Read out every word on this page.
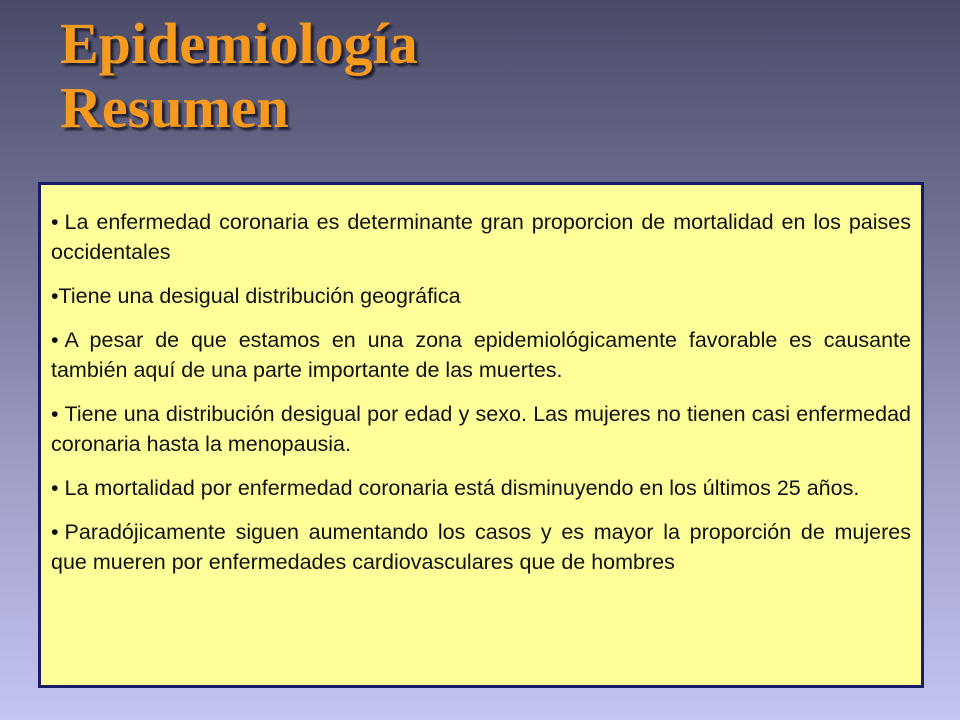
Epidemiología
Resumen
• La enfermedad coronaria es determinante gran proporcion de mortalidad en los paises occidentales
•Tiene una desigual distribución geográfica
• A pesar de que estamos en una zona epidemiológicamente favorable es causante también aquí de una parte importante de las muertes.
• Tiene una distribución desigual por edad y sexo. Las mujeres no tienen casi enfermedad coronaria hasta la menopausia.
• La mortalidad por enfermedad coronaria está disminuyendo en los últimos 25 años.
• Paradójicamente siguen aumentando los casos y es mayor la proporción de mujeres que mueren por enfermedades cardiovasculares que de hombres
